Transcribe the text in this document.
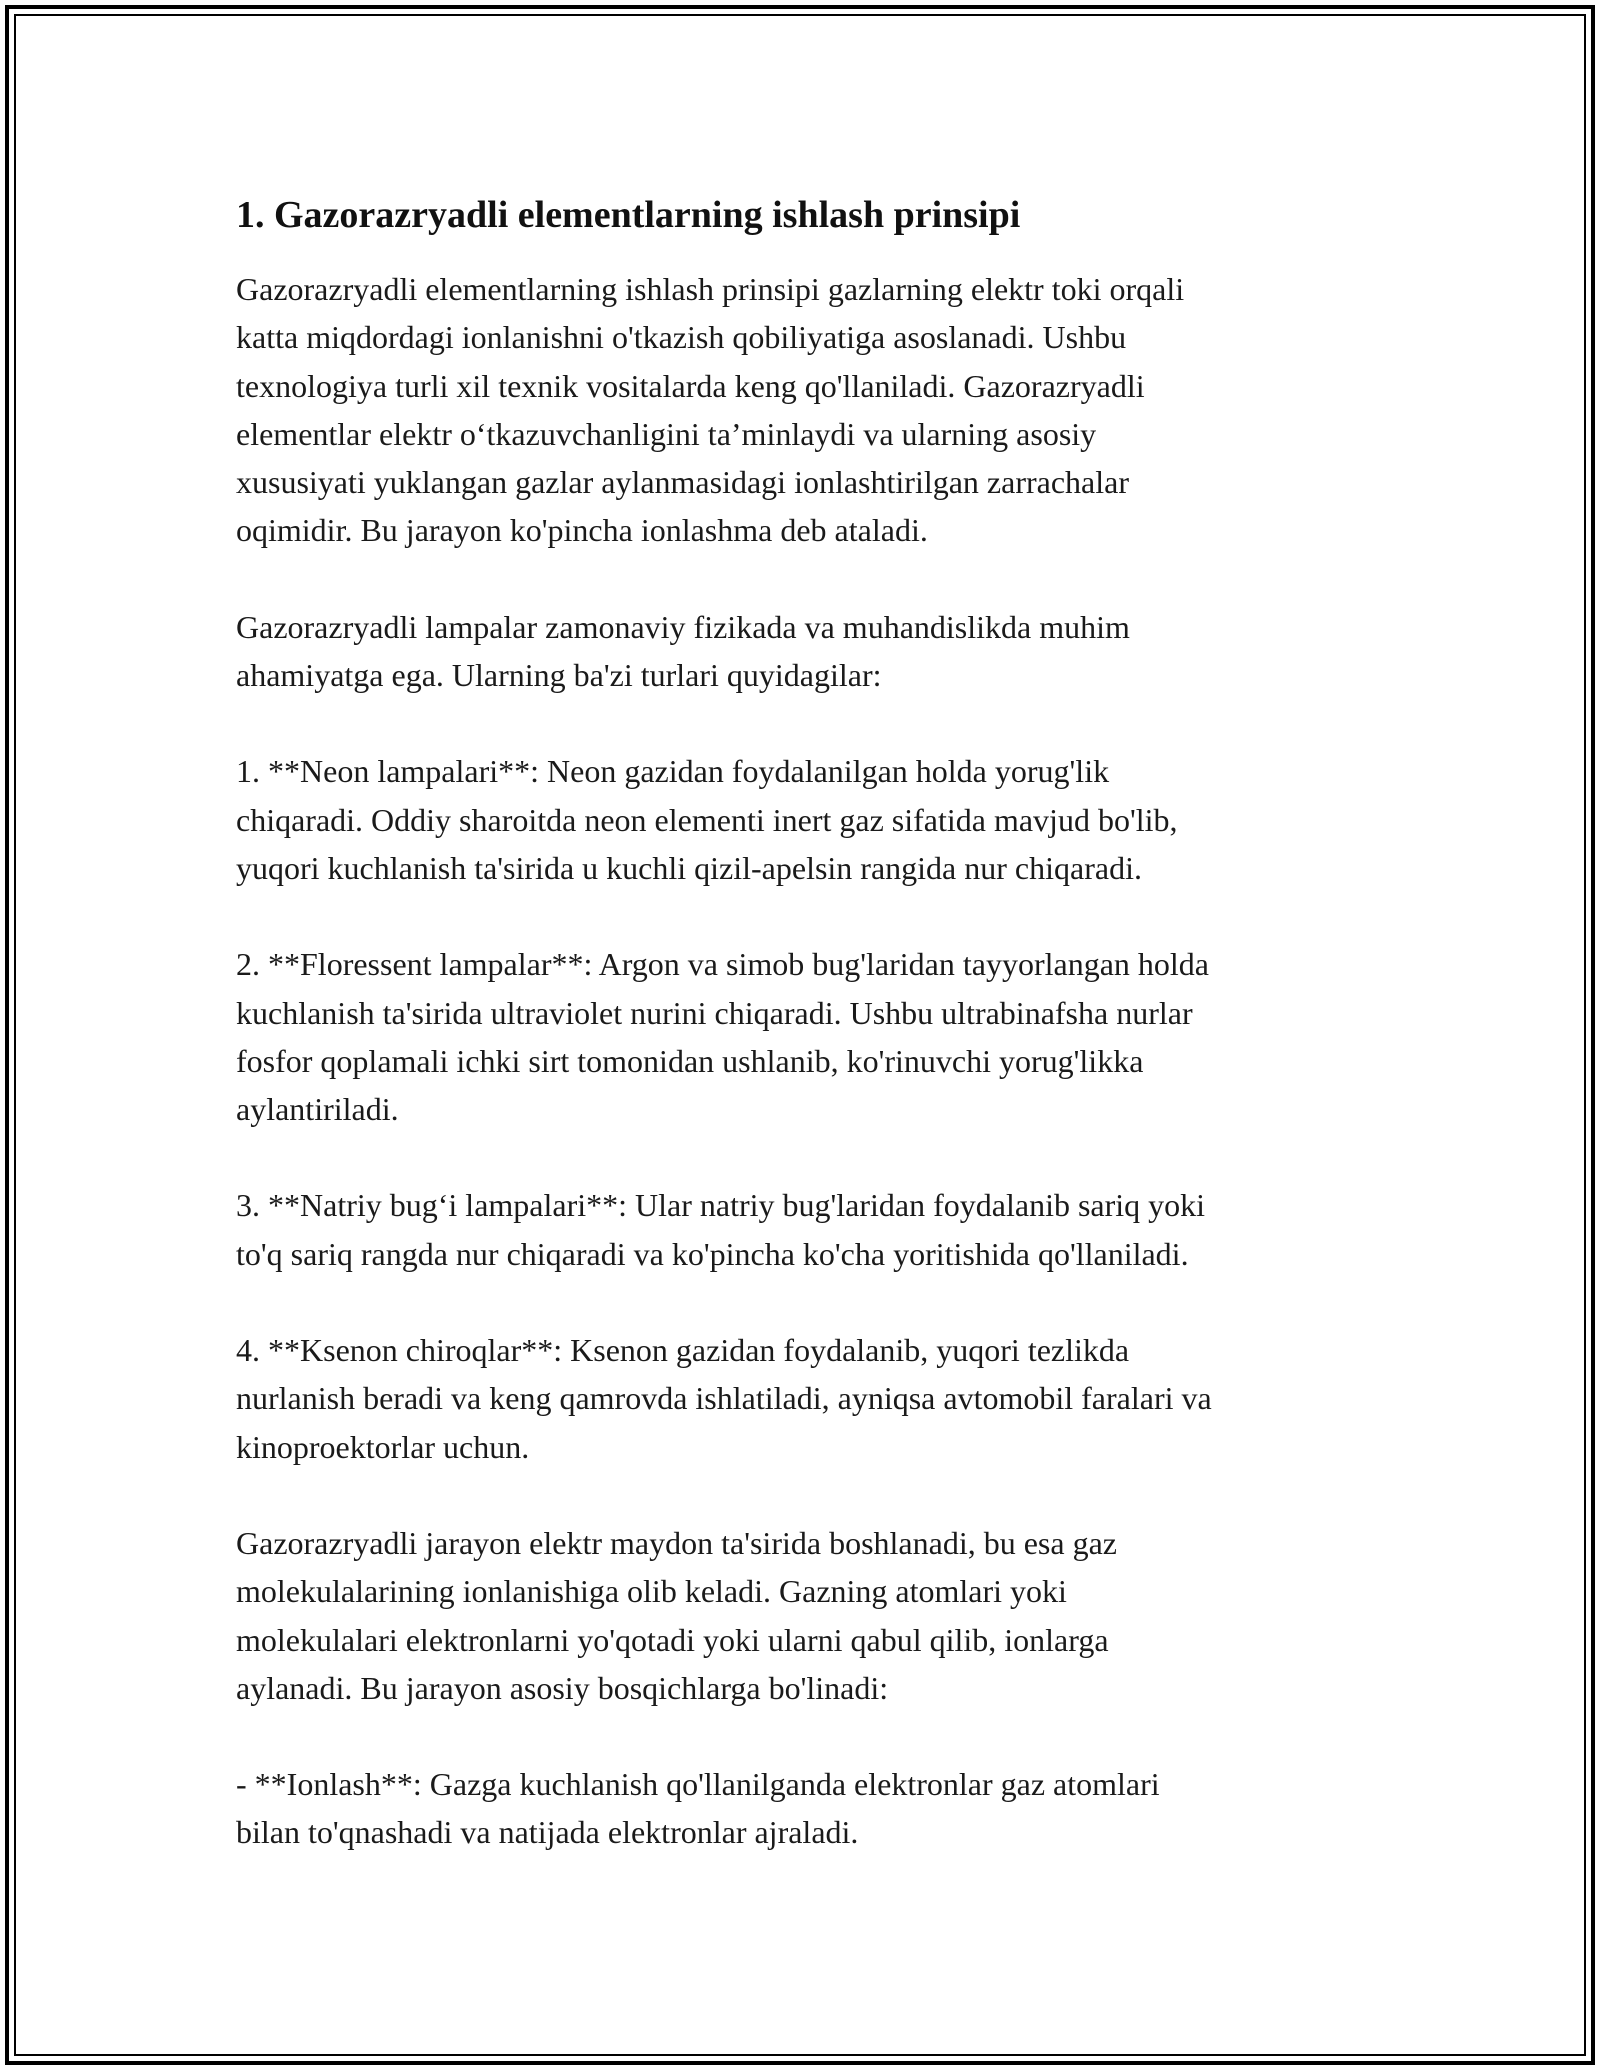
1. Gazorazryadli elementlarning ishlash prinsipi

Gazorazryadli elementlarning ishlash prinsipi gazlarning elektr toki orqali
katta miqdordagi ionlanishni o'tkazish qobiliyatiga asoslanadi. Ushbu
texnologiya turli xil texnik vositalarda keng qo'llaniladi. Gazorazryadli
elementlar elektr o‘tkazuvchanligini ta’minlaydi va ularning asosiy
xususiyati yuklangan gazlar aylanmasidagi ionlashtirilgan zarrachalar
oqimidir. Bu jarayon ko'pincha ionlashma deb ataladi.

Gazorazryadli lampalar zamonaviy fizikada va muhandislikda muhim
ahamiyatga ega. Ularning ba'zi turlari quyidagilar:

1. **Neon lampalari**: Neon gazidan foydalanilgan holda yorug'lik
chiqaradi. Oddiy sharoitda neon elementi inert gaz sifatida mavjud bo'lib,
yuqori kuchlanish ta'sirida u kuchli qizil-apelsin rangida nur chiqaradi.

2. **Floressent lampalar**: Argon va simob bug'laridan tayyorlangan holda
kuchlanish ta'sirida ultraviolet nurini chiqaradi. Ushbu ultrabinafsha nurlar
fosfor qoplamali ichki sirt tomonidan ushlanib, ko'rinuvchi yorug'likka
aylantiriladi.

3. **Natriy bug‘i lampalari**: Ular natriy bug'laridan foydalanib sariq yoki
to'q sariq rangda nur chiqaradi va ko'pincha ko'cha yoritishida qo'llaniladi.

4. **Ksenon chiroqlar**: Ksenon gazidan foydalanib, yuqori tezlikda
nurlanish beradi va keng qamrovda ishlatiladi, ayniqsa avtomobil faralari va
kinoproektorlar uchun.

Gazorazryadli jarayon elektr maydon ta'sirida boshlanadi, bu esa gaz
molekulalarining ionlanishiga olib keladi. Gazning atomlari yoki
molekulalari elektronlarni yo'qotadi yoki ularni qabul qilib, ionlarga
aylanadi. Bu jarayon asosiy bosqichlarga bo'linadi:

- **Ionlash**: Gazga kuchlanish qo'llanilganda elektronlar gaz atomlari
bilan to'qnashadi va natijada elektronlar ajraladi.
